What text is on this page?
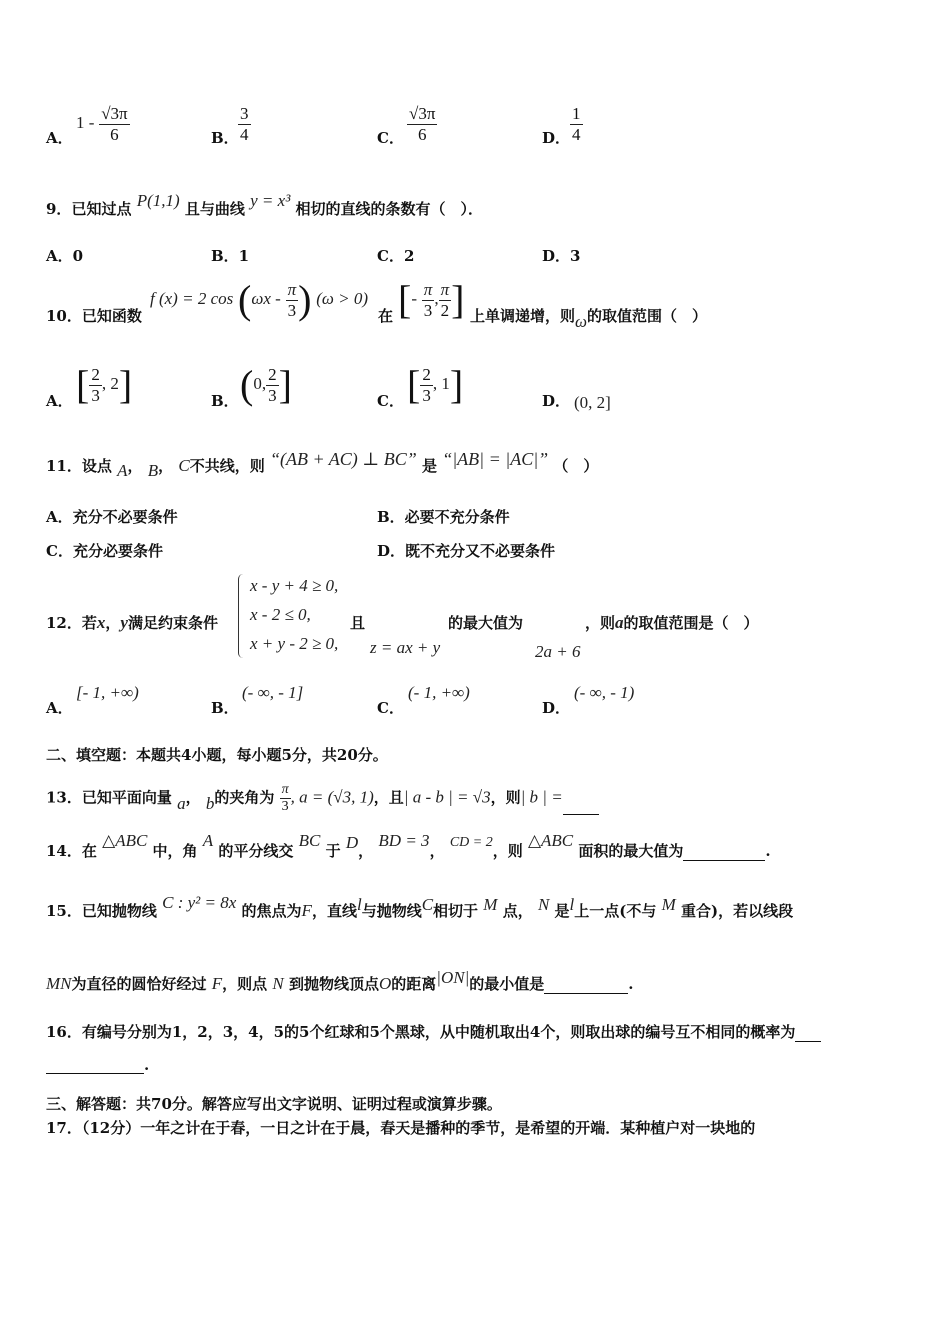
A．
$1 - \frac{√3\pi}{6}$	B． $\frac{3}{4}$	C． $\frac{√3\pi}{6}$	D． $\frac{1}{4}$
9．已知过点 P(1,1) 且与曲线 y = x³ 相切的直线的条数有（　）．
A．0	B．1	C．2	D．3
10．已知函数
f (x) = 2 $\cos (\omega x - \frac{\pi}{3}$ ) (ω > 0)
在 [- $\frac{\pi}{3}$ , $\frac{\pi}{2}$ ] 上单调递增，则ω的取值范围（　）
A． [ $\frac{2}{3}$ , 2]	B． (0, $\frac{2}{3}$ ]	C． [ $\frac{2}{3}$ , 1]	D． (0, 2]
11．设点 A， B， C不共线，则 “(AB + AC) ⊥ BC” 是 “|AB| = |AC|” （　）
A．充分不必要条件	B．必要不充分条件
C．充分必要条件	D．既不充分又不必要条件
12．若x，y满足约束条件
x - y + 4 ≥ 0,
x - 2 ≤ 0,
x + y - 2 ≥ 0,
且
z = ax + y
的最大值为
2a + 6
，则a的取值范围是（　）
A．
[- 1, +∞)
B．
(- ∞, - 1]
C．
(- 1, +∞)
D．
(- ∞, - 1)
二、填空题：本题共4小题，每小题5分，共20分。
13．已知平面向量 a， b的夹角为 $\frac{\pi}{3}$ , a = (√3, 1)，且| a - b | = √3，则| b | =
14．在 △ABC 中，角 A 的平分线交 BC 于 D， BD = 3， CD = 2，则 △ABC 面积的最大值为	.
15．已知抛物线 C : y² = 8x 的焦点为F，直线l与抛物线C相切于 M 点， N 是l上一点(不与 M 重合)，若以线段
MN为直径的圆恰好经过 F，则点 N 到抛物线顶点O的距离|ON|的最小值是	.
16．有编号分别为1，2，3，4，5的5个红球和5个黑球，从中随机取出4个，则取出球的编号互不相同的概率为
.
三、解答题：共70分。解答应写出文字说明、证明过程或演算步骤。
17．（12分）一年之计在于春，一日之计在于晨，春天是播种的季节，是希望的开端．某种植户对一块地的
